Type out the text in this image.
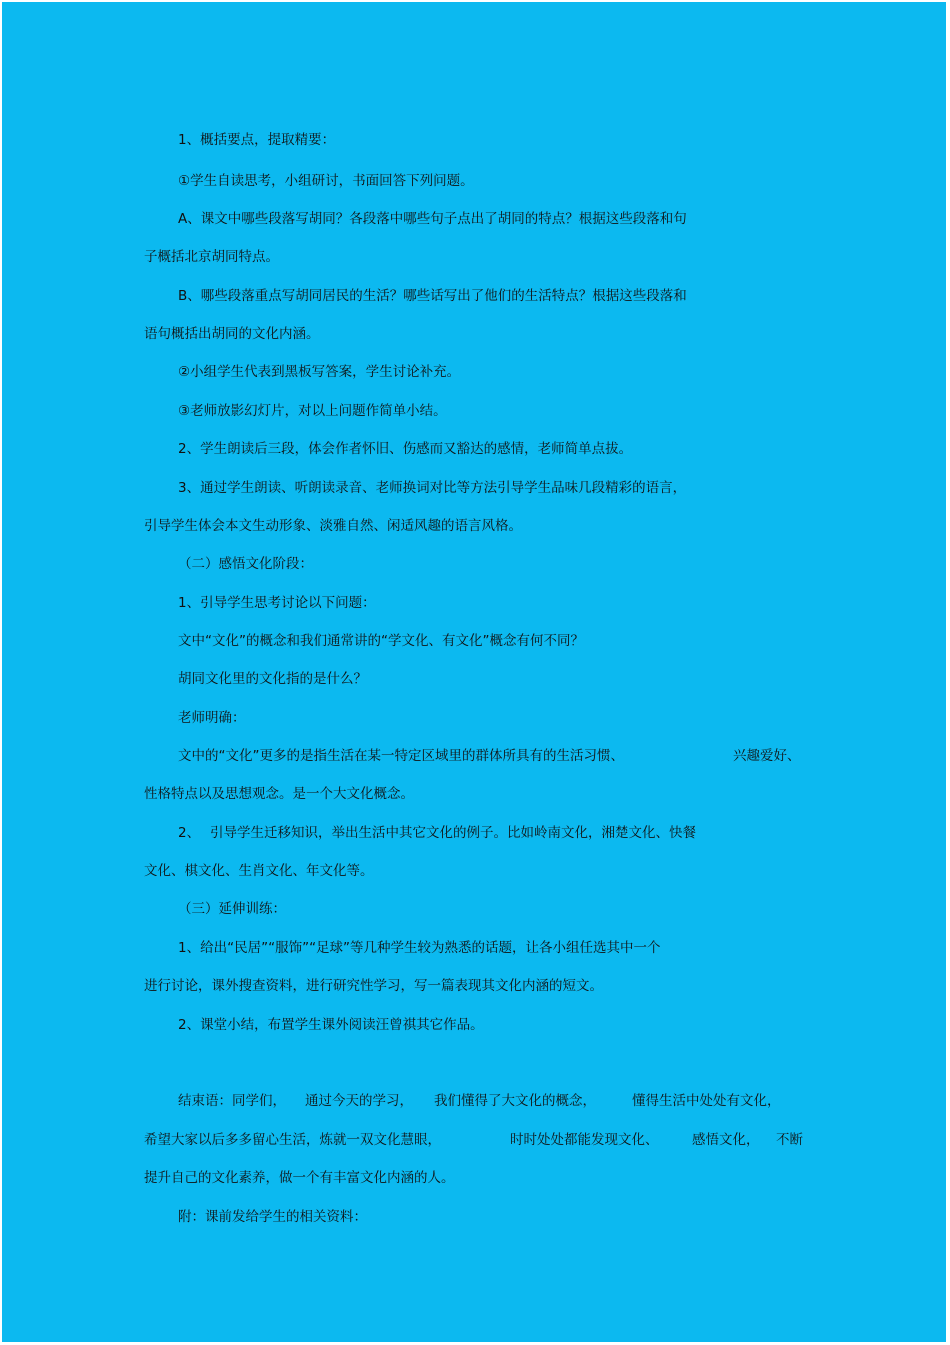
1、概括要点，提取精要：
①学生自读思考，小组研讨，书面回答下列问题。
A、课文中哪些段落写胡同？各段落中哪些句子点出了胡同的特点？根据这些段落和句
子概括北京胡同特点。
B、哪些段落重点写胡同居民的生活？哪些话写出了他们的生活特点？根据这些段落和
语句概括出胡同的文化内涵。
②小组学生代表到黑板写答案，学生讨论补充。
③老师放影幻灯片，对以上问题作简单小结。
2、学生朗读后三段，体会作者怀旧、伤感而又豁达的感情，老师简单点拔。
3、通过学生朗读、听朗读录音、老师换词对比等方法引导学生品味几段精彩的语言，
引导学生体会本文生动形象、淡雅自然、闲适风趣的语言风格。
（二）感悟文化阶段：
1、引导学生思考讨论以下问题：
文中“文化”的概念和我们通常讲的“学文化、有文化”概念有何不同？
胡同文化里的文化指的是什么？
老师明确：
文中的“文化”更多的是指生活在某一特定区域里的群体所具有的生活习惯、	兴趣爱好、
性格特点以及思想观念。是一个大文化概念。
2、 引导学生迁移知识，举出生活中其它文化的例子。比如岭南文化，湘楚文化、快餐
文化、棋文化、生肖文化、年文化等。
（三）延伸训练：
1、给出“民居”“服饰”“足球”等几种学生较为熟悉的话题，让各小组任选其中一个
进行讨论，课外搜查资料，进行研究性学习，写一篇表现其文化内涵的短文。
2、课堂小结，布置学生课外阅读汪曾祺其它作品。
结束语：同学们， 通过今天的学习， 我们懂得了大文化的概念，	懂得生活中处处有文化，
希望大家以后多多留心生活，炼就一双文化慧眼，	时时处处都能发现文化、 感悟文化， 不断
提升自己的文化素养，做一个有丰富文化内涵的人。
附：课前发给学生的相关资料：
